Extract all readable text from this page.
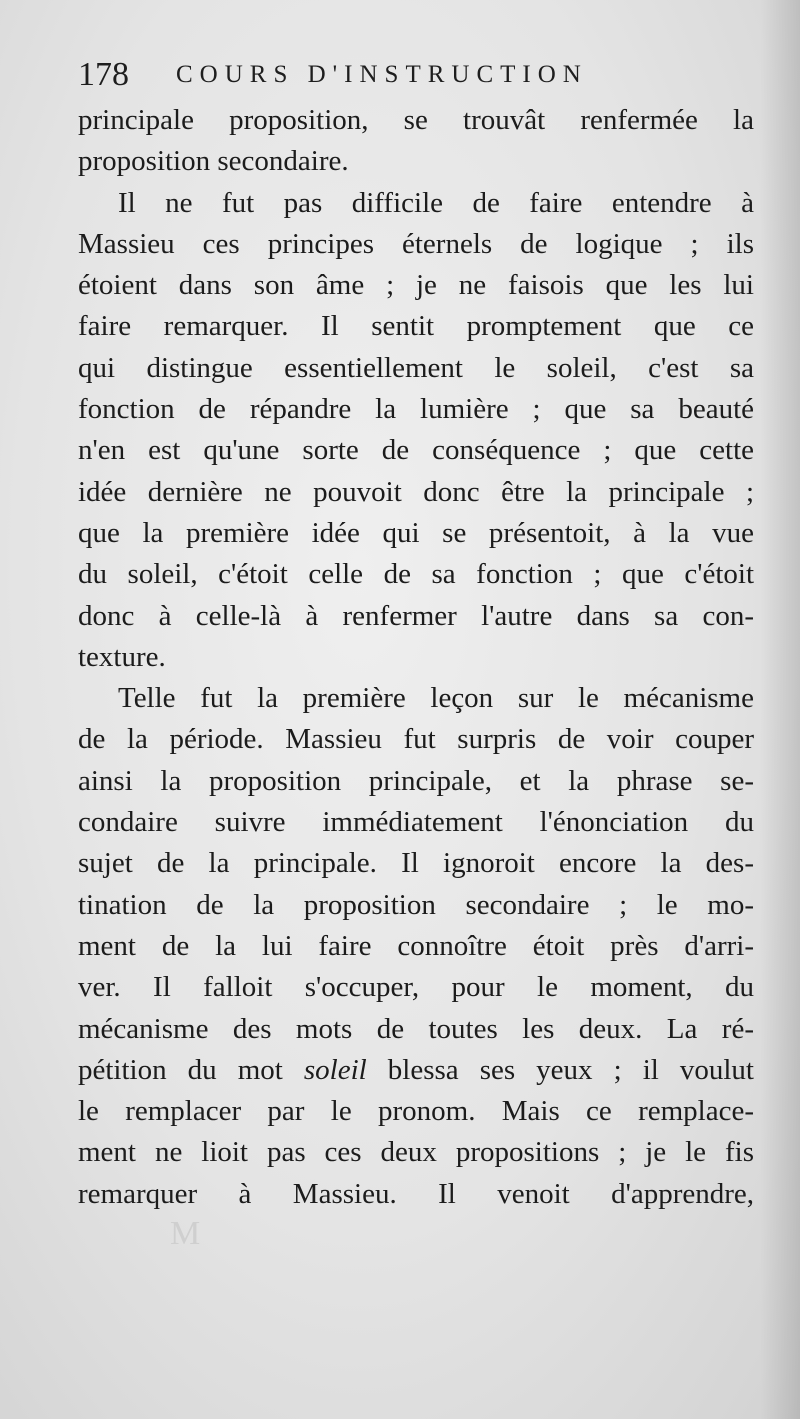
178 COURS D'INSTRUCTION
principale proposition, se trouvât renfermée la
proposition secondaire.
Il ne fut pas difficile de faire entendre à
Massieu ces principes éternels de logique ; ils
étoient dans son âme ; je ne faisois que les lui
faire remarquer. Il sentit promptement que ce
qui distingue essentiellement le soleil, c'est sa
fonction de répandre la lumière ; que sa beauté
n'en est qu'une sorte de conséquence ; que cette
idée dernière ne pouvoit donc être la principale ;
que la première idée qui se présentoit, à la vue
du soleil, c'étoit celle de sa fonction ; que c'étoit
donc à celle-là à renfermer l'autre dans sa con-
texture.
Telle fut la première leçon sur le mécanisme
de la période. Massieu fut surpris de voir couper
ainsi la proposition principale, et la phrase se-
condaire suivre immédiatement l'énonciation du
sujet de la principale. Il ignoroit encore la des-
tination de la proposition secondaire ; le mo-
ment de la lui faire connoître étoit près d'arri-
ver. Il falloit s'occuper, pour le moment, du
mécanisme des mots de toutes les deux. La ré-
pétition du mot soleil blessa ses yeux ; il voulut
le remplacer par le pronom. Mais ce remplace-
ment ne lioit pas ces deux propositions ; je le fis
remarquer à Massieu. Il venoit d'apprendre,
M
